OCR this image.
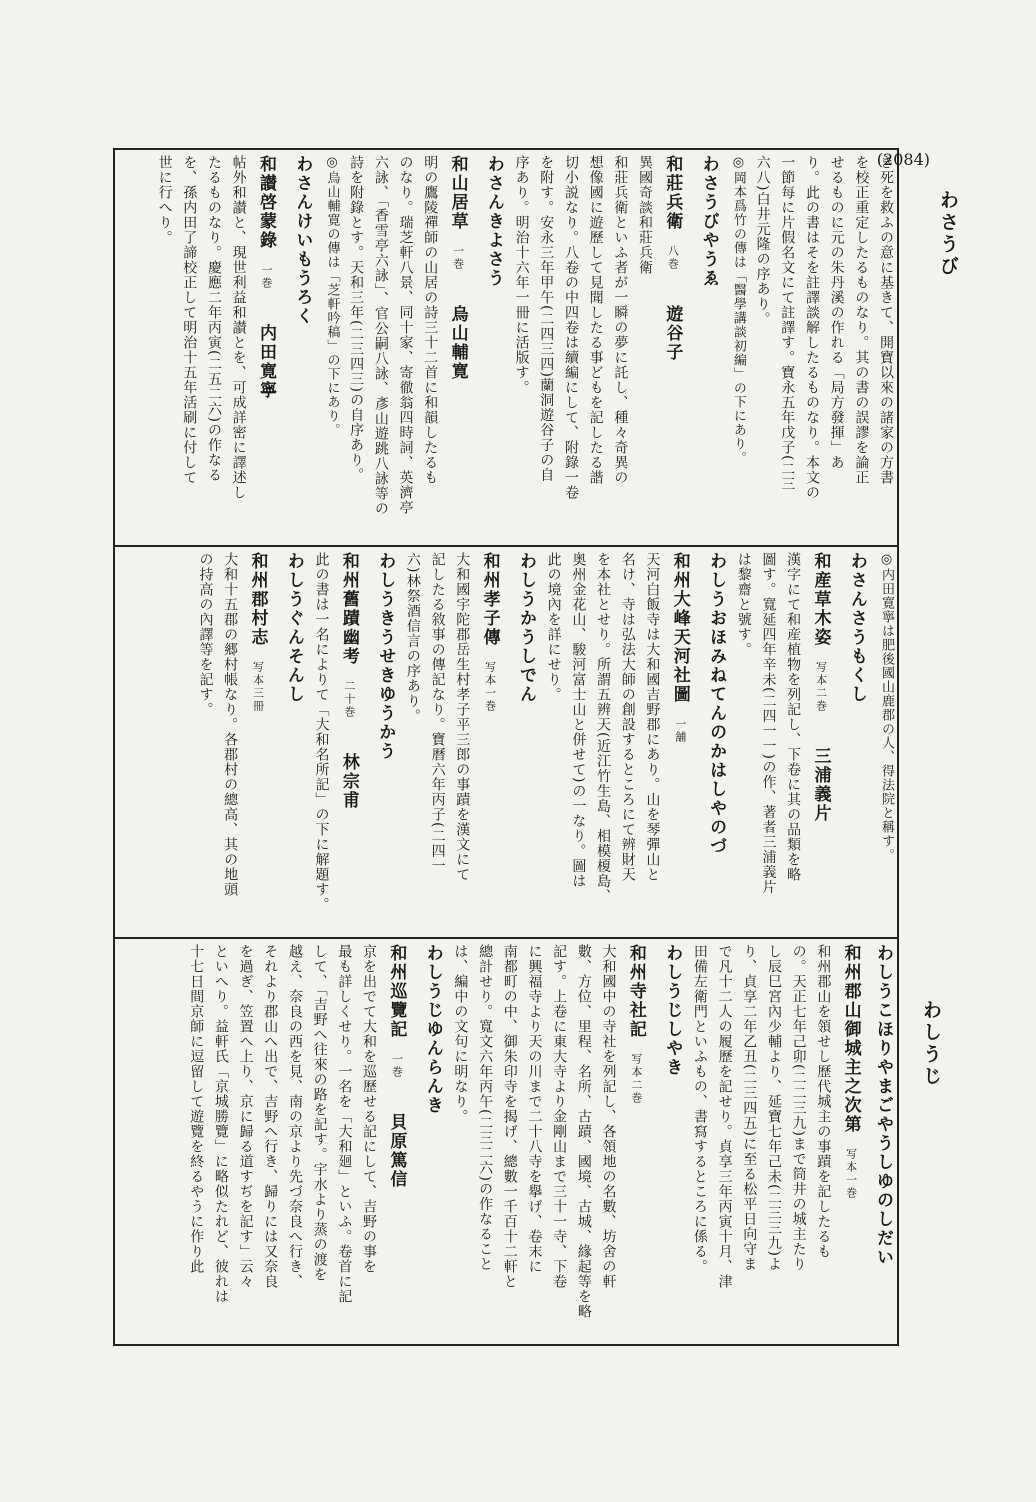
(2084)
わさうび
わしうじ
き死を救ふの意に基きて、開寶以來の諸家の方書
を校正重定したるものなり。其の書の誤謬を論正
せるものに元の朱丹溪の作れる「局方發揮」あ
り。此の書はそを註譯談解したるものなり。本文の
一節每に片假名文にて註譯す。寶永五年戊子(二三
六八)白井元隆の序あり。
◎岡本爲竹の傳は「醫學講談初編」の下にあり。
わさうびやうゑ
和莊兵衛八巻遊谷子
異國奇談和莊兵衛
和莊兵衛といふ者が一瞬の夢に託し、種々奇異の
想像國に遊歷して見聞したる事どもを記したる諧
切小説なり。八卷の中四卷は續編にして、附錄一卷
を附す。安永三年甲午(二四三四)蘭洞遊谷子の自
序あり。明治十六年一冊に活版す。
わさんきよさう
和山居草一巻烏山輔寛
明の鷹陵禪師の山居の詩三十二首に和韻したるも
のなり。瑞芝軒八景、同十家、寄徹翁四時詞、英濟亭
六詠、「香雪亭六詠」、官公嗣八詠、彥山遊跳八詠等の
詩を附錄とす。天和三年(二三四三)の自序あり。
◎烏山輔寛の傳は「芝軒吟稿」の下にあり。
わさんけいもうろく
和讃啓蒙錄一巻内田寛寧
帖外和讃と、現世利益和讃とを、可成詳密に譯述し
たるものなり。慶應二年丙寅(二五二六)の作なる
を、孫内田了諦校正して明治十五年活刷に付して
世に行へり。
◎内田寛寧は肥後國山鹿郡の人、得法院と稱す。
わさんさうもくし
和産草木姿写本二巻三浦義片
漢字にて和産植物を列記し、下卷に其の品類を略
圖す。寬延四年辛未(二四一一)の作、著者三浦義片
は黎齋と號す。
わしうおほみねてんのかはしやのづ
和州大峰天河社圖一舖
天河白飯寺は大和國吉野郡にあり。山を琴彈山と
名け、寺は弘法大師の創設するところにて辨財天
を本社とせり。所謂五辨天(近江竹生島、相模榎島、
奥州金花山、駿河富士山と併せて)の一なり。圖は
此の境內を詳にせり。
わしうかうしでん
和州孝子傳写本一巻
大和國宇陀郡岳生村孝子平三郎の事蹟を漢文にて
記したる敘事の傳記なり。寶曆六年丙子(二四一
六)林祭酒信言の序あり。
わしうきうせきゆうかう
和州舊蹟幽考二十巻林宗甫
此の書は一名によりて「大和名所記」の下に解題す。
わしうぐんそんし
和州郡村志写本三冊
大和十五郡の郷村帳なり。各郡村の總高、其の地頭
の持高の內譯等を記す。
わしうこほりやまごやうしゆのしだい
和州郡山御城主之次第写本一巻
和州郡山を領せし歷代城主の事蹟を記したるも
の。天正七年己卯(二二三九)まで筒井の城主たり
し辰巳宮內少輔より、延寶七年己未(二三三九)よ
り、貞享二年乙丑(二三四五)に至る松平日向守ま
で凡十二人の履歷を記せり。貞享三年丙寅十月、津
田備左衛門といふもの、書寫するところに係る。
わしうじしやき
和州寺社記写本二巻
大和國中の寺社を列記し、各領地の名數、坊舍の軒
數、方位、里程、名所、古蹟、國境、古城、緣起等を略
記す。上卷に東大寺より金剛山まで三十一寺、下卷
に興福寺より天の川まで二十八寺を擧げ、卷末に
南都町の中、御朱印寺を揭げ、總數一千百十二軒と
總計せり。寬文六年丙午(二三二六)の作なること
は、編中の文句に明なり。
わしうじゆんらんき
和州巡覽記一巻貝原篤信
京を出でて大和を巡歷せる記にして、吉野の事を
最も詳しくせり。一名を「大和廻」といふ。卷首に記
して、「吉野へ往來の路を記す。宇水より蒸の渡を
越え、奈良の西を見、南の京より先づ奈良へ行き、
それより郡山へ出で、吉野へ行き、歸りには又奈良
を過ぎ、笠置へ上り、京に歸る道すぢを記す」云々
といへり。益軒氏「京城勝覽」に略似たれど、彼れは
十七日間京師に逗留して遊覽を終るやうに作り此
